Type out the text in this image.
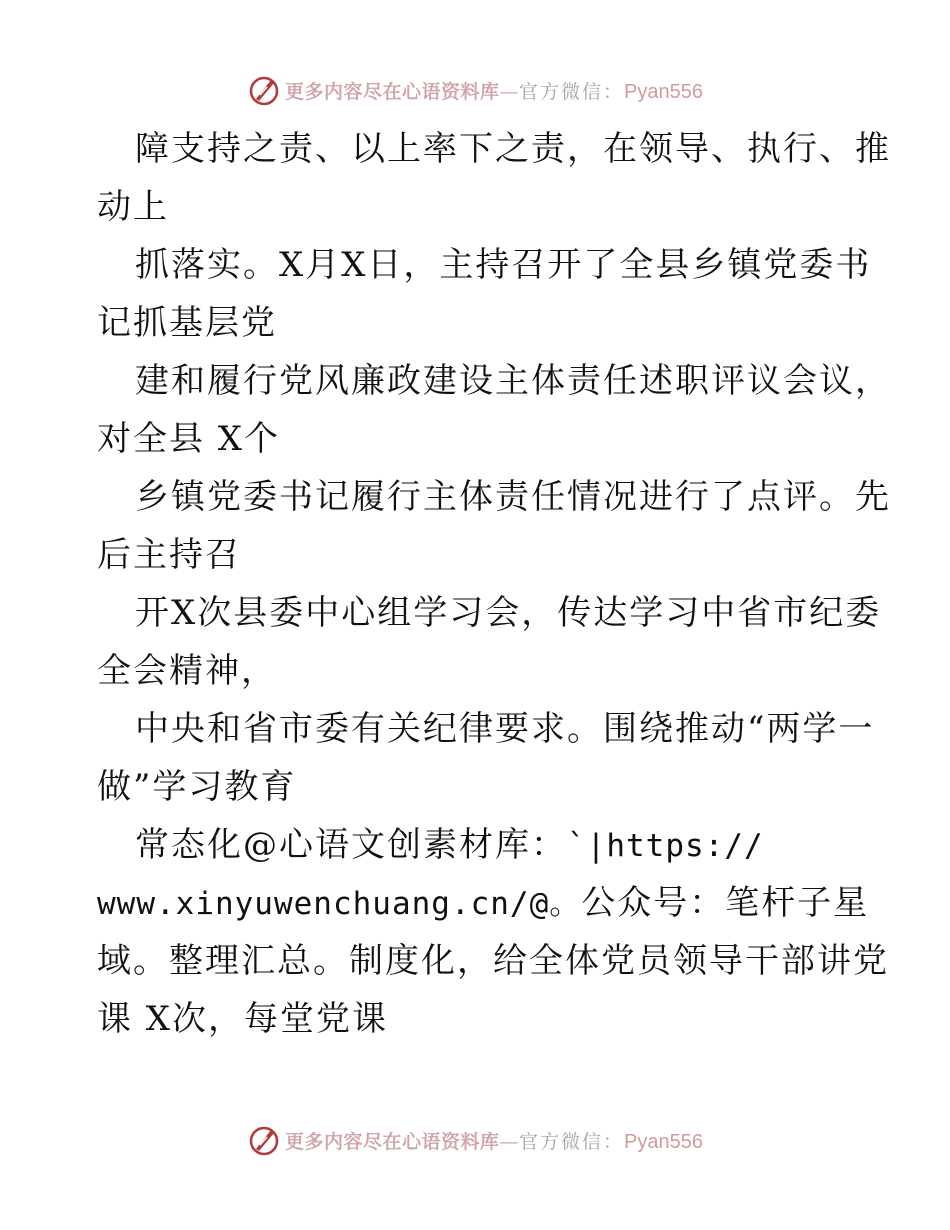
更多内容尽在心语资料库—官方微信：Pyan556
障支持之责、以上率下之责，在领导、执行、推
动上
抓落实。X月X日，主持召开了全县乡镇党委书
记抓基层党
建和履行党风廉政建设主体责任述职评议会议，
对全县 X个
乡镇党委书记履行主体责任情况进行了点评。先
后主持召
开X次县委中心组学习会，传达学习中省市纪委
全会精神，
中央和省市委有关纪律要求。围绕推动“两学一
做”学习教育
常态化@心语文创素材库：`|https://
www.xinyuwenchuang.cn/@。公众号：笔杆子星
域。整理汇总。制度化，给全体党员领导干部讲党
课 X次，每堂党课
更多内容尽在心语资料库—官方微信：Pyan556
